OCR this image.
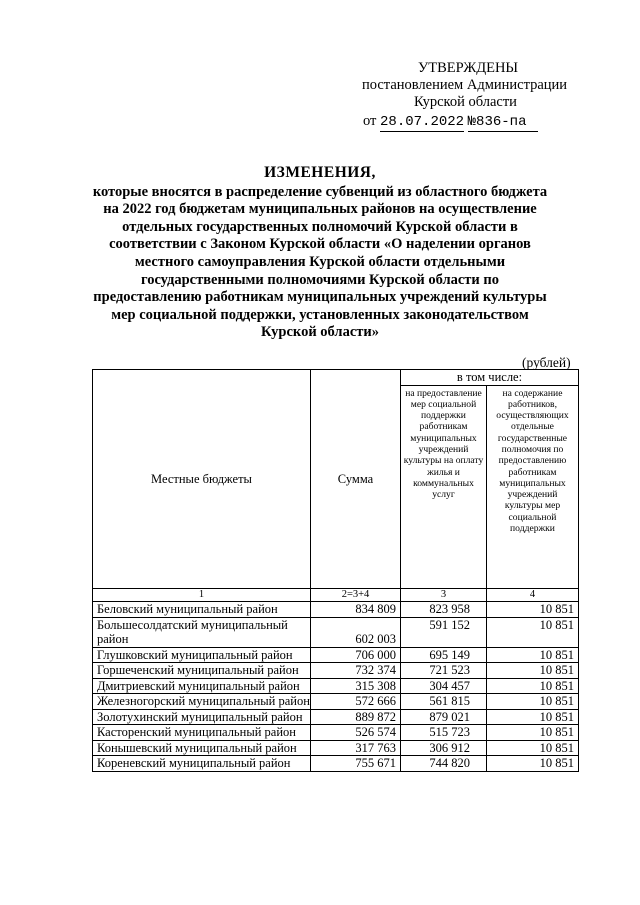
УТВЕРЖДЕНЫ
постановлением Администрации
Курской области
от 28.07.2022 №836-па
ИЗМЕНЕНИЯ,
которые вносятся в распределение субвенций из областного бюджета
на 2022 год бюджетам муниципальных районов на осуществление
отдельных государственных полномочий Курской области в
соответствии с Законом Курской области «О наделении органов
местного самоуправления Курской области отдельными
государственными полномочиями Курской области по
предоставлению работникам муниципальных учреждений культуры
мер социальной поддержки, установленных законодательством
Курской области»
(рублей)
Местные бюджеты	Сумма	в том числе:	
		на предоставление мер социальной поддержки работникам муниципальных учреждений культуры на оплату жилья и коммунальных услуг	на содержание работников, осуществляющих отдельные государственные полномочия по предоставлению работникам муниципальных учреждений культуры мер социальной поддержки
1	2=3+4	3	4
Беловский муниципальный район	834 809	823 958	10 851
Большесолдатский муниципальный район	602 003	591 152	10 851
Глушковский муниципальный район	706 000	695 149	10 851
Горшеченский муниципальный район	732 374	721 523	10 851
Дмитриевский муниципальный район	315 308	304 457	10 851
Железногорский муниципальный район	572 666	561 815	10 851
Золотухинский муниципальный район	889 872	879 021	10 851
Касторенский муниципальный район	526 574	515 723	10 851
Конышевский муниципальный район	317 763	306 912	10 851
Кореневский муниципальный район	755 671	744 820	10 851
